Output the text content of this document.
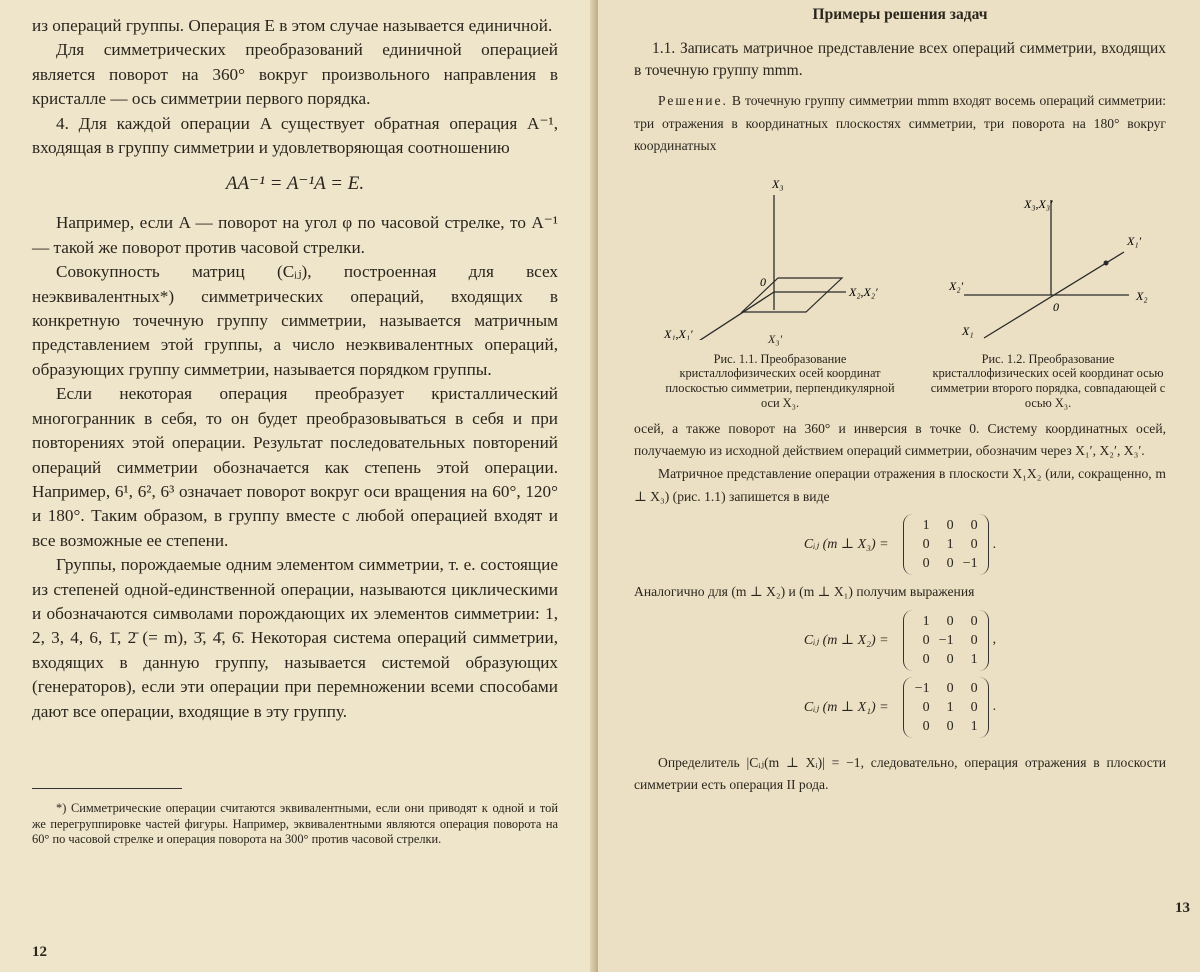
из операций группы. Операция E в этом случае называется единичной.

Для симметрических преобразований единичной операцией является поворот на 360° вокруг произвольного направления в кристалле — ось симметрии первого порядка.

4. Для каждой операции A существует обратная операция A⁻¹, входящая в группу симметрии и удовлетворяющая соотношению

AA⁻¹ = A⁻¹A = E.

Например, если A — поворот на угол φ по часовой стрелке, то A⁻¹ — такой же поворот против часовой стрелки.

Совокупность матриц (Cᵢⱼ), построенная для всех неэквивалентных*) симметрических операций, входящих в конкретную точечную группу симметрии, называется матричным представлением этой группы, а число неэквивалентных операций, образующих группу симметрии, называется порядком группы.

Если некоторая операция преобразует кристаллический многогранник в себя, то он будет преобразовываться в себя и при повторениях этой операции. Результат последовательных повторений операций симметрии обозначается как степень этой операции. Например, 6¹, 6², 6³ означает поворот вокруг оси вращения на 60°, 120° и 180°. Таким образом, в группу вместе с любой операцией входят и все возможные ее степени.

Группы, порождаемые одним элементом симметрии, т. е. состоящие из степеней одной-единственной операции, называются циклическими и обозначаются символами порождающих их элементов симметрии: 1, 2, 3, 4, 6, 1̄, 2̄ (= m), 3̄, 4̄, 6̄. Некоторая система операций симметрии, входящих в данную группу, называется системой образующих (генераторов), если эти операции при перемножении всеми способами дают все операции, входящие в эту группу.

*) Симметрические операции считаются эквивалентными, если они приводят к одной и той же перегруппировке частей фигуры. Например, эквивалентными являются операция поворота на 60° по часовой стрелке и операция поворота на 300° против часовой стрелки.

12
Примеры решения задач

1.1. Записать матричное представление всех операций симметрии, входящих в точечную группу mmm.

Решение. В точечную группу симметрии mmm входят восемь операций симметрии: три отражения в координатных плоскостях симметрии, три поворота на 180° вокруг координатных

X₃
0
X₂,X₂′
X₁,X₁′	X₃′
X₃,X₃′
X₁′
X₂′
0
X₂
X₁
Рис. 1.1. Преобразование кристаллофизических осей координат плоскостью симметрии, перпендикулярной оси X₃.
Рис. 1.2. Преобразование кристаллофизических осей координат осью симметрии второго порядка, совпадающей с осью X₃.

осей, а также поворот на 360° и инверсия в точке 0. Систему координатных осей, получаемую из исходной действием операций симметрии, обозначим через X₁′, X₂′, X₃′.

Матричное представление операции отражения в плоскости X₁X₂ (или, сокращенно, m ⊥ X₃) (рис. 1.1) запишется в виде

Cᵢⱼ (m ⊥ X₃) =
1	0	0
0	1	0
0	0 −1
.

Аналогично для (m ⊥ X₂) и (m ⊥ X₁) получим выражения

Cᵢⱼ (m ⊥ X₂) =
1	0	0
0 −1	0
0	0	1
,
Cᵢⱼ (m ⊥ X₁) =
−1	0	0
0	1	0
0	0	1
.

Определитель |Cᵢⱼ(m ⊥ Xᵢ)| = −1, следовательно, операция отражения в плоскости симметрии есть операция II рода.

13
